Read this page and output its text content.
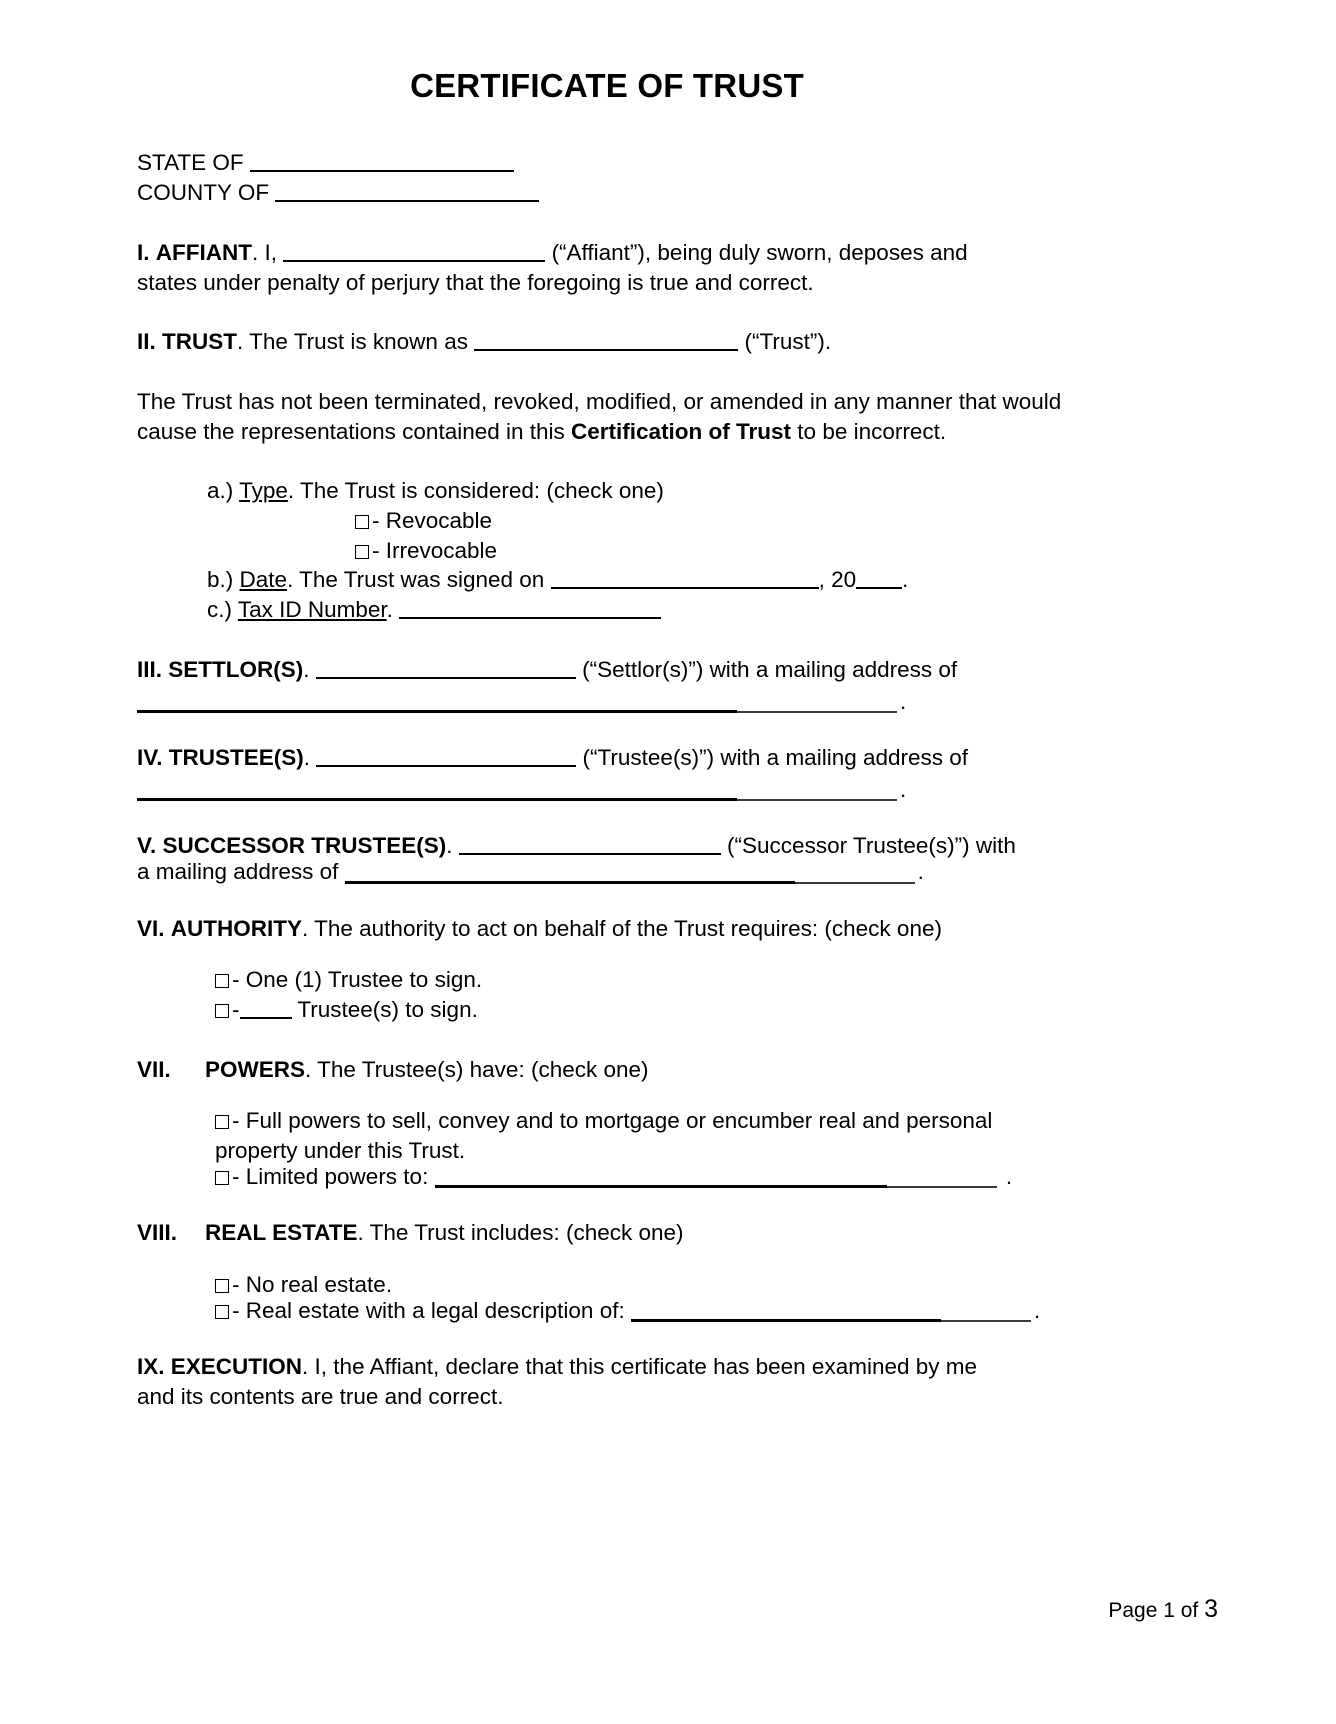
CERTIFICATE OF TRUST
STATE OF
COUNTY OF
I. AFFIANT. I,	(“Affiant”), being duly sworn, deposes and
states under penalty of perjury that the foregoing is true and correct.
II. TRUST. The Trust is known as	(“Trust”).
The Trust has not been terminated, revoked, modified, or amended in any manner that would cause the representations contained in this Certification of Trust to be incorrect.
a.) Type. The Trust is considered: (check one)
- Revocable
- Irrevocable
b.) Date. The Trust was signed on	, 20 .
c.) Tax ID Number.
III. SETTLOR(S).	(“Settlor(s)”) with a mailing address of
.
IV. TRUSTEE(S).	(“Trustee(s)”) with a mailing address of
.
V. SUCCESSOR TRUSTEE(S).	(“Successor Trustee(s)”) with
a mailing address of	.
VI. AUTHORITY. The authority to act on behalf of the Trust requires: (check one)
- One (1) Trustee to sign.
-	Trustee(s) to sign.
VII.	POWERS. The Trustee(s) have: (check one)
- Full powers to sell, convey and to mortgage or encumber real and personal
property under this Trust.
- Limited powers to:	.
VIII.	REAL ESTATE. The Trust includes: (check one)
- No real estate.
- Real estate with a legal description of:	.
IX. EXECUTION. I, the Affiant, declare that this certificate has been examined by me
and its contents are true and correct.
Page 1 of 3
